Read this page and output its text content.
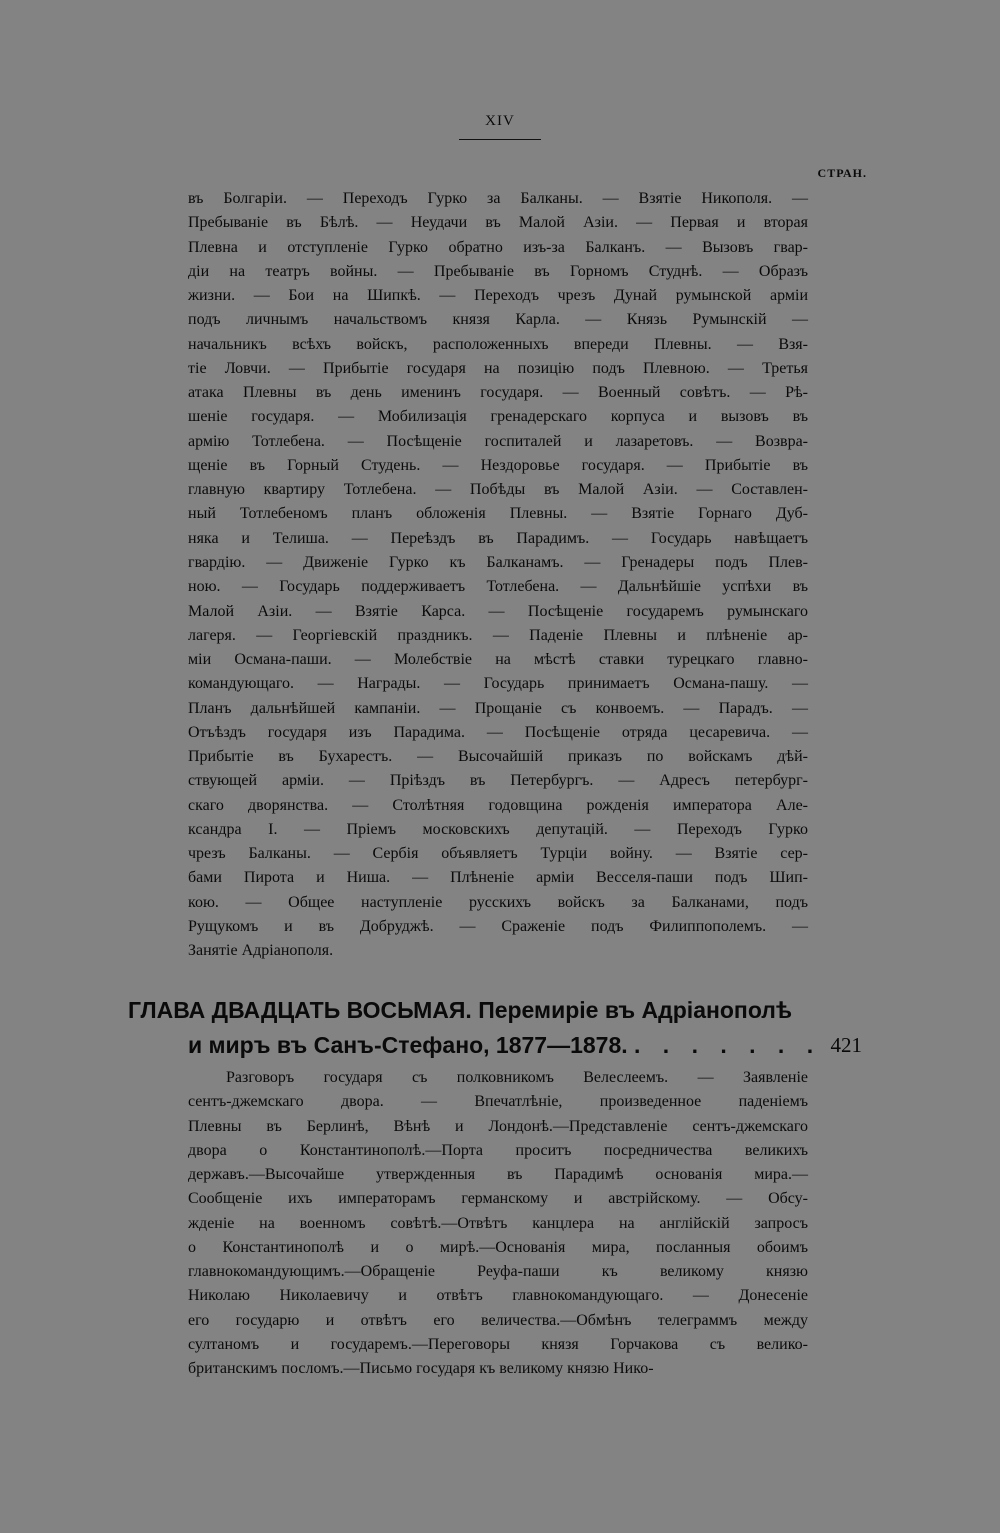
XIV
СТРАН.
въ Болгаріи. — Переходъ Гурко за Балканы. — Взятіе Никополя. —
Пребываніе въ Бѣлѣ. — Неудачи въ Малой Азіи. — Первая и вторая
Плевна и отступленіе Гурко обратно изъ-за Балканъ. — Вызовъ гвар-
діи на театръ войны. — Пребываніе въ Горномъ Студнѣ. — Образъ
жизни. — Бои на Шипкѣ. — Переходъ чрезъ Дунай румынской арміи
подъ личнымъ начальствомъ князя Карла. — Князь Румынскій —
начальникъ всѣхъ войскъ, расположенныхъ впереди Плевны. — Взя-
тіе Ловчи. — Прибытіе государя на позицію подъ Плевною. — Третья
атака Плевны въ день именинъ государя. — Военный совѣтъ. — Рѣ-
шеніе государя. — Мобилизація гренадерскаго корпуса и вызовъ въ
армію Тотлебена. — Посѣщеніе госпиталей и лазаретовъ. — Возвра-
щеніе въ Горный Студень. — Нездоровье государя. — Прибытіе въ
главную квартиру Тотлебена. — Побѣды въ Малой Азіи. — Составлен-
ный Тотлебеномъ планъ обложенія Плевны. — Взятіе Горнаго Дуб-
няка и Телиша. — Переѣздъ въ Парадимъ. — Государь навѣщаетъ
гвардію. — Движеніе Гурко къ Балканамъ. — Гренадеры подъ Плев-
ною. — Государь поддерживаетъ Тотлебена. — Дальнѣйшіе успѣхи въ
Малой Азіи. — Взятіе Карса. — Посѣщеніе государемъ румынскаго
лагеря. — Георгіевскій праздникъ. — Паденіе Плевны и плѣненіе ар-
міи Османа-паши. — Молебствіе на мѣстѣ ставки турецкаго главно-
командующаго. — Награды. — Государь принимаетъ Османа-пашу. —
Планъ дальнѣйшей кампаніи. — Прощаніе съ конвоемъ. — Парадъ. —
Отъѣздъ государя изъ Парадима. — Посѣщеніе отряда цесаревича. —
Прибытіе въ Бухарестъ. — Высочайшій приказъ по войскамъ дѣй-
ствующей арміи. — Пріѣздъ въ Петербургъ. — Адресъ петербург-
скаго дворянства. — Столѣтняя годовщина рожденія императора Але-
ксандра I. — Пріемъ московскихъ депутацій. — Переходъ Гурко
чрезъ Балканы. — Сербія объявляетъ Турціи войну. — Взятіе сер-
бами Пирота и Ниша. — Плѣненіе арміи Весселя-паши подъ Шип-
кою. — Общее наступленіе русскихъ войскъ за Балканами, подъ
Рущукомъ и въ Добруджѣ. — Сраженіе подъ Филиппополемъ. —
Занятіе Адріанополя.
ГЛАВА ДВАДЦАТЬ ВОСЬМАЯ. Перемиріе въ Адріанополѣ
и миръ въ Санъ-Стефано, 1877—1878. . . . . . . . 421
Разговоръ государя съ полковникомъ Велеслеемъ. — Заявленіе
сентъ-джемскаго двора. — Впечатлѣніе, произведенное паденіемъ
Плевны въ Берлинѣ, Вѣнѣ и Лондонѣ.—Представленіе сентъ-джемскаго
двора о Константинополѣ.—Порта проситъ посредничества великихъ
державъ.—Высочайше утвержденныя въ Парадимѣ основанія мира.—
Сообщеніе ихъ императорамъ германскому и австрійскому. — Обсу-
жденіе на военномъ совѣтѣ.—Отвѣтъ канцлера на англійскій запросъ
о Константинополѣ и о мирѣ.—Основанія мира, посланныя обоимъ
главнокомандующимъ.—Обращеніе Реуфа-паши къ великому князю
Николаю Николаевичу и отвѣтъ главнокомандующаго. — Донесеніе
его государю и отвѣтъ его величества.—Обмѣнъ телеграммъ между
султаномъ и государемъ.—Переговоры князя Горчакова съ велико-
британскимъ посломъ.—Письмо государя къ великому князю Нико-
